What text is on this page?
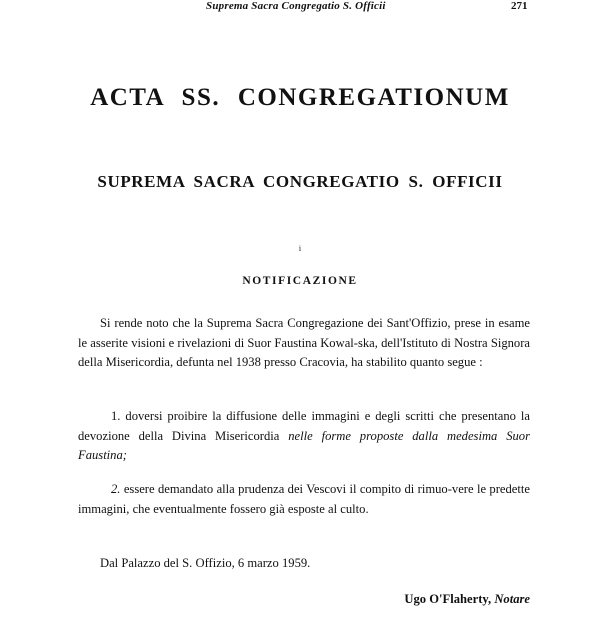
Suprema Sacra Congregatio S. Officii	271
ACTA SS. CONGREGATIONUM
SUPREMA SACRA CONGREGATIO S. OFFICII
i
NOTIFICAZIONE
Si rende noto che la Suprema Sacra Congregazione dei Sant'Offizio, prese in esame le asserite visioni e rivelazioni di Suor Faustina Kowal-ska, dell'Istituto di Nostra Signora della Misericordia, defunta nel 1938 presso Cracovia, ha stabilito quanto segue :
1. doversi proibire la diffusione delle immagini e degli scritti che presentano la devozione della Divina Misericordia nelle forme proposte dalla medesima Suor Faustina;
2. essere demandato alla prudenza dei Vescovi il compito di rimuo-vere le predette immagini, che eventualmente fossero già esposte al culto.
Dal Palazzo del S. Offizio, 6 marzo 1959.
Ugo O'Flaherty, Notare
